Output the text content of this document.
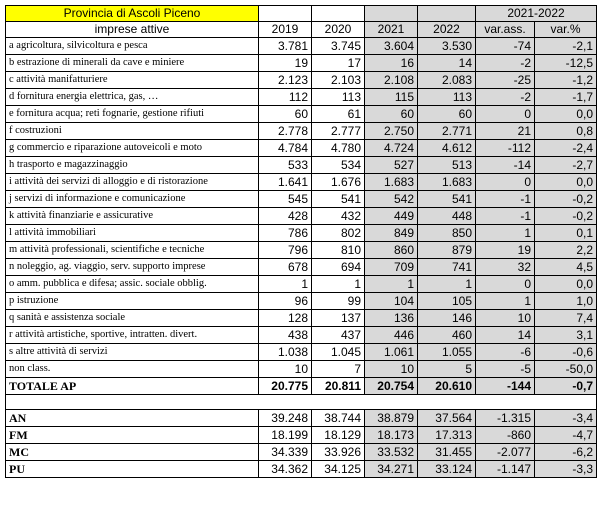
Provincia di Ascoli Piceno					2021-2022	
imprese attive	2019	2020	2021	2022	var.ass.	var.%
a agricoltura, silvicoltura e pesca	3.781	3.745	3.604	3.530	-74	-2,1
b estrazione di minerali da cave e miniere	19	17	16	14	-2	-12,5
c attività manifatturiere	2.123	2.103	2.108	2.083	-25	-1,2
d fornitura energia elettrica, gas, …	112	113	115	113	-2	-1,7
e fornitura acqua; reti fognarie, gestione rifiuti	60	61	60	60	0	0,0
f costruzioni	2.778	2.777	2.750	2.771	21	0,8
g commercio e riparazione autoveicoli e moto	4.784	4.780	4.724	4.612	-112	-2,4
h trasporto e magazzinaggio	533	534	527	513	-14	-2,7
i attività dei servizi di alloggio e di ristorazione	1.641	1.676	1.683	1.683	0	0,0
j servizi di informazione e comunicazione	545	541	542	541	-1	-0,2
k attività finanziarie e assicurative	428	432	449	448	-1	-0,2
l attività immobiliari	786	802	849	850	1	0,1
m attività professionali, scientifiche e tecniche	796	810	860	879	19	2,2
n noleggio, ag. viaggio, serv. supporto imprese	678	694	709	741	32	4,5
o amm. pubblica e difesa; assic. sociale obblig.	1	1	1	1	0	0,0
p istruzione	96	99	104	105	1	1,0
q sanità e assistenza sociale	128	137	136	146	10	7,4
r attività artistiche, sportive, intratten. divert.	438	437	446	460	14	3,1
s altre attività di servizi	1.038	1.045	1.061	1.055	-6	-0,6
non class.	10	7	10	5	-5	-50,0
TOTALE AP	20.775	20.811	20.754	20.610	-144	-0,7

AN	39.248	38.744	38.879	37.564	-1.315	-3,4
FM	18.199	18.129	18.173	17.313	-860	-4,7
MC	34.339	33.926	33.532	31.455	-2.077	-6,2
PU	34.362	34.125	34.271	33.124	-1.147	-3,3
